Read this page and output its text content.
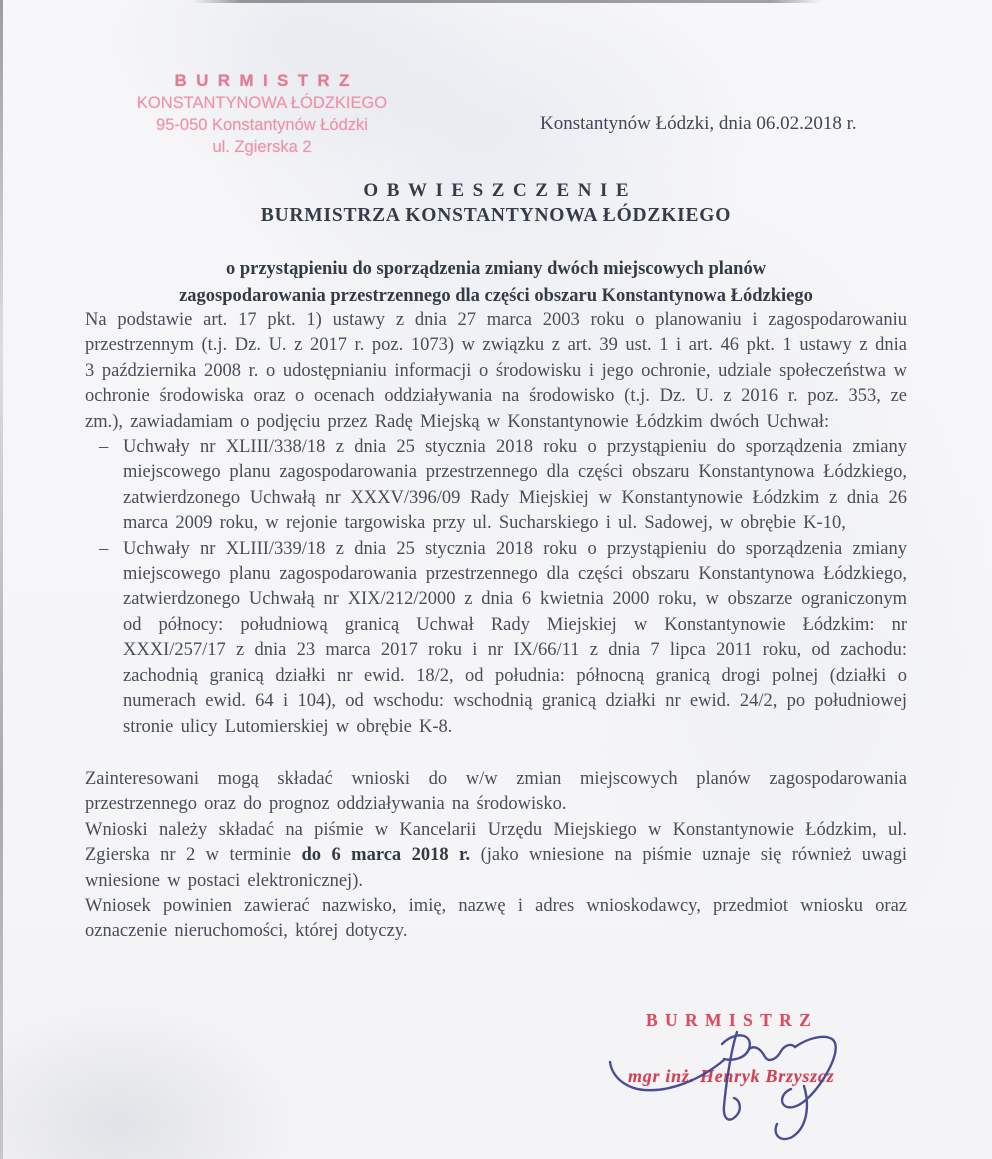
BURMISTRZ
KONSTANTYNOWA ŁÓDZKIEGO
95-050 Konstantynów Łódzki
ul. Zgierska 2
Konstantynów Łódzki, dnia 06.02.2018 r.
OBWIESZCZENIE
BURMISTRZA KONSTANTYNOWA ŁÓDZKIEGO
o przystąpieniu do sporządzenia zmiany dwóch miejscowych planów
zagospodarowania przestrzennego dla części obszaru Konstantynowa Łódzkiego

Na podstawie art. 17 pkt. 1) ustawy z dnia 27 marca 2003 roku o planowaniu i zagospodarowaniu przestrzennym (t.j. Dz. U. z 2017 r. poz. 1073) w związku z art. 39 ust. 1 i art. 46 pkt. 1 ustawy z dnia 3 października 2008 r. o udostępnianiu informacji o środowisku i jego ochronie, udziale społeczeństwa w ochronie środowiska oraz o ocenach oddziaływania na środowisko (t.j. Dz. U. z 2016 r. poz. 353, ze zm.), zawiadamiam o podjęciu przez Radę Miejską w Konstantynowie Łódzkim dwóch Uchwał:

– Uchwały nr XLIII/338/18 z dnia 25 stycznia 2018 roku o przystąpieniu do sporządzenia zmiany miejscowego planu zagospodarowania przestrzennego dla części obszaru Konstantynowa Łódzkiego, zatwierdzonego Uchwałą nr XXXV/396/09 Rady Miejskiej w Konstantynowie Łódzkim z dnia 26 marca 2009 roku, w rejonie targowiska przy ul. Sucharskiego i ul. Sadowej, w obrębie K-10,
– Uchwały nr XLIII/339/18 z dnia 25 stycznia 2018 roku o przystąpieniu do sporządzenia zmiany miejscowego planu zagospodarowania przestrzennego dla części obszaru Konstantynowa Łódzkiego, zatwierdzonego Uchwałą nr XIX/212/2000 z dnia 6 kwietnia 2000 roku, w obszarze ograniczonym od północy: południową granicą Uchwał Rady Miejskiej w Konstantynowie Łódzkim: nr XXXI/257/17 z dnia 23 marca 2017 roku i nr IX/66/11 z dnia 7 lipca 2011 roku, od zachodu: zachodnią granicą działki nr ewid. 18/2, od południa: północną granicą drogi polnej (działki o numerach ewid. 64 i 104), od wschodu: wschodnią granicą działki nr ewid. 24/2, po południowej stronie ulicy Lutomierskiej w obrębie K-8.

Zainteresowani mogą składać wnioski do w/w zmian miejscowych planów zagospodarowania przestrzennego oraz do prognoz oddziaływania na środowisko.

Wnioski należy składać na piśmie w Kancelarii Urzędu Miejskiego w Konstantynowie Łódzkim, ul. Zgierska nr 2 w terminie do 6 marca 2018 r. (jako wniesione na piśmie uznaje się również uwagi wniesione w postaci elektronicznej).

Wniosek powinien zawierać nazwisko, imię, nazwę i adres wnioskodawcy, przedmiot wniosku oraz oznaczenie nieruchomości, której dotyczy.

BURMISTRZ
mgr inż. Henryk Brzyszcz
